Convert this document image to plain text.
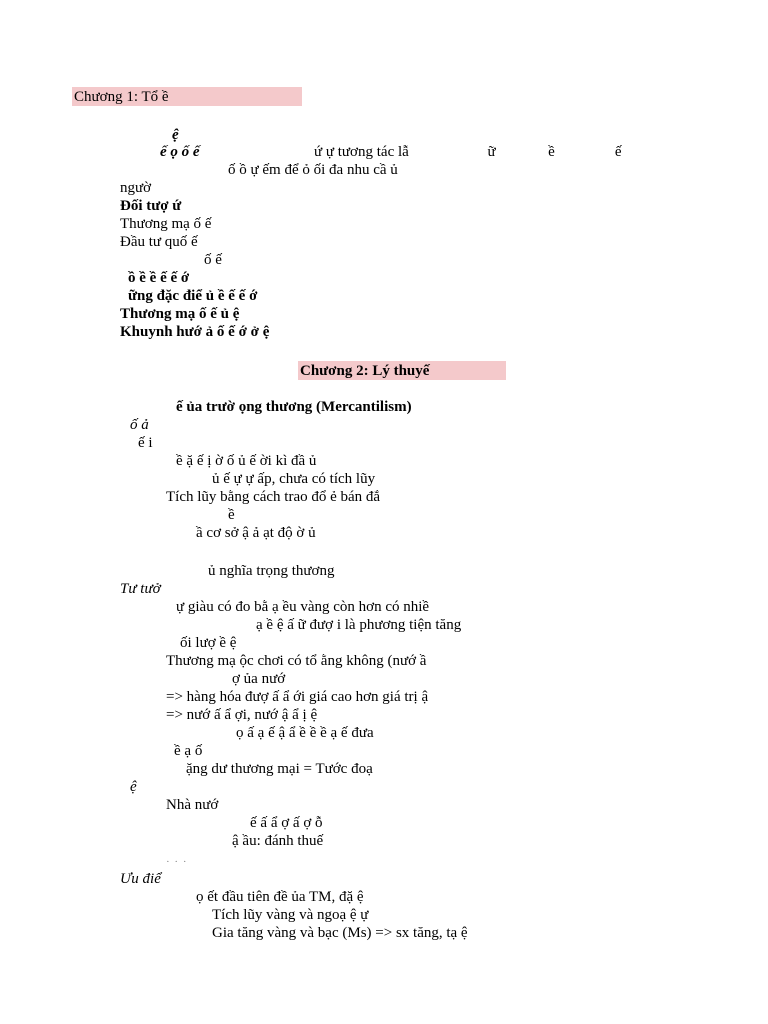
Chương 1: Tổ ề
ệ
ế ọ ố ế	ứ ự tương tác lẫ                     ữ              ề                ế
ố ồ ự ếm để ỏ ối đa nhu cầ ủ
ngườ
Đối tượ ứ
Thương mạ ố ế
Đầu tư quố ế
ố ế
ồ ề ề ế ế ớ
ững đặc điể ủ ề ế ế ớ
Thương mạ ố ế ủ ệ
Khuynh hướ ả ố ế ớ ở ệ
Chương 2: Lý thuyế
ế ủa trườ ọng thương (Mercantilism)
ố ả
ế i
ề ặ ế ị ờ ố ủ ế ời kì đầ ủ
ủ ế ự ự ấp, chưa có tích lũy
Tích lũy bằng cách trao đổ ẻ bán đắ
ề
ầ cơ sở ậ ả ạt độ ờ ủ
ủ nghĩa trọng thương
Tư tưở
ự giàu có đo bằ ạ ều vàng còn hơn có nhiề
ạ ề ệ ấ ữ đượ i là phương tiện tăng
ối lượ ề ệ
Thương mạ ộc chơi có tổ ằng không (nướ ầ
ợ ủa nướ
=> hàng hóa đượ ấ ẩ ới giá cao hơn giá trị ậ
=> nướ ấ ẩ ợi, nướ ậ ẩ ị ệ
ọ ấ ạ ế ậ ẩ ề ề ề ạ ế đưa
ề ạ ố
ặng dư thương mại = Tước đoạ
ệ
Nhà nướ
ế ấ ẩ ợ ấ ợ ỗ
ậ ầu: đánh thuế
· · ·
Ưu điể
ọ ết đầu tiên đề ủa TM, đặ ệ
Tích lũy vàng và ngoạ ệ ự
Gia tăng vàng và bạc (Ms) => sx tăng, tạ ệ
